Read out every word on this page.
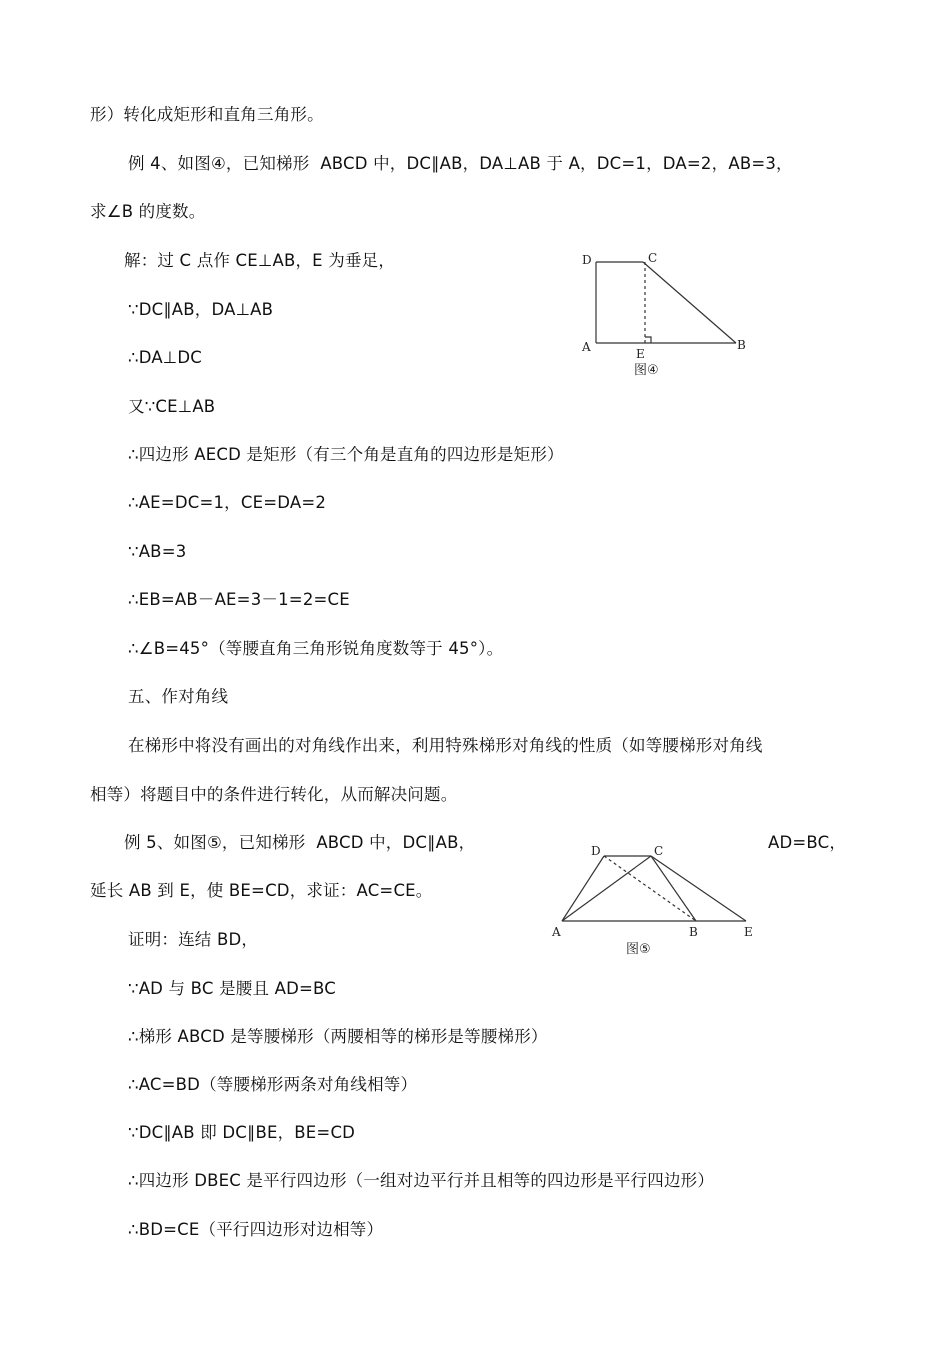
形）转化成矩形和直角三角形。
例 4、如图④，已知梯形  ABCD 中，DC∥AB，DA⊥AB 于 A，DC=1，DA=2，AB=3，
求∠B 的度数。
解：过 C 点作 CE⊥AB，E 为垂足，
∵DC∥AB，DA⊥AB
∴DA⊥DC
又∵CE⊥AB
∴四边形 AECD 是矩形（有三个角是直角的四边形是矩形）
∴AE=DC=1，CE=DA=2
∵AB=3
∴EB=AB－AE=3－1=2=CE
∴∠B=45°（等腰直角三角形锐角度数等于 45°）。
五、作对角线
在梯形中将没有画出的对角线作出来，利用特殊梯形对角线的性质（如等腰梯形对角线
相等）将题目中的条件进行转化，从而解决问题。
例 5、如图⑤，已知梯形  ABCD 中，DC∥AB，	AD=BC，
延长 AB 到 E，使 BE=CD，求证：AC=CE。
证明：连结 BD，
∵AD 与 BC 是腰且 AD=BC
∴梯形 ABCD 是等腰梯形（两腰相等的梯形是等腰梯形）
∴AC=BD（等腰梯形两条对角线相等）
∵DC∥AB 即 DC∥BE，BE=CD
∴四边形 DBEC 是平行四边形（一组对边平行并且相等的四边形是平行四边形）
∴BD=CE（平行四边形对边相等）
D	C
A	E
B
图④
D	C
A	B	E
图⑤
